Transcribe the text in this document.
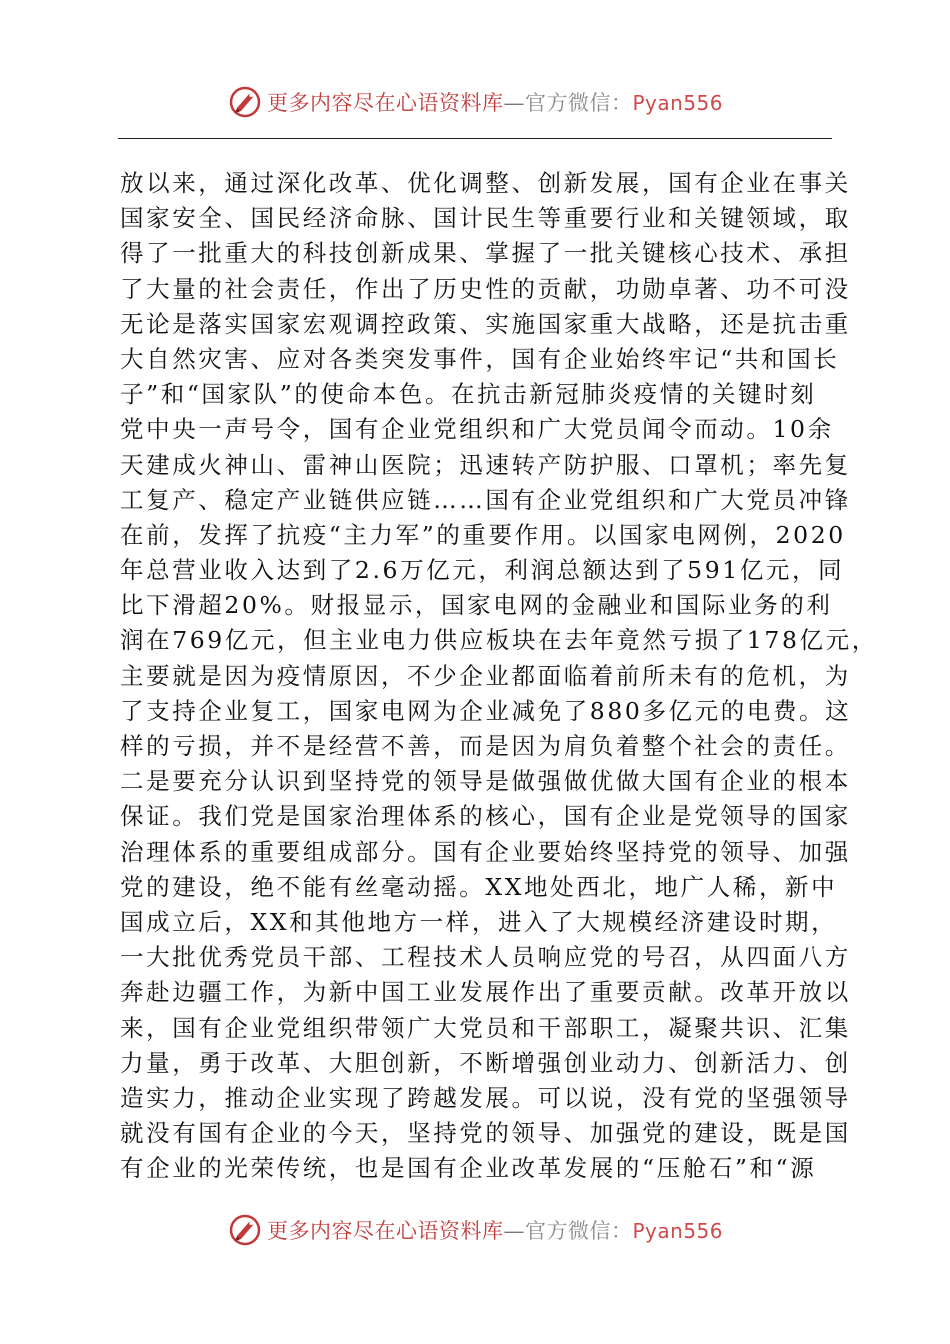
更多内容尽在心语资料库—官方微信：Pyan556
放以来，通过深化改革、优化调整、创新发展，国有企业在事关
国家安全、国民经济命脉、国计民生等重要行业和关键领域，取
得了一批重大的科技创新成果、掌握了一批关键核心技术、承担
了大量的社会责任，作出了历史性的贡献，功勋卓著、功不可没
无论是落实国家宏观调控政策、实施国家重大战略，还是抗击重
大自然灾害、应对各类突发事件，国有企业始终牢记“共和国长
子”和“国家队”的使命本色。在抗击新冠肺炎疫情的关键时刻
党中央一声号令，国有企业党组织和广大党员闻令而动。10余
天建成火神山、雷神山医院；迅速转产防护服、口罩机；率先复
工复产、稳定产业链供应链……国有企业党组织和广大党员冲锋
在前，发挥了抗疫“主力军”的重要作用。以国家电网例，2020
年总营业收入达到了2.6万亿元，利润总额达到了591亿元，同
比下滑超20%。财报显示，国家电网的金融业和国际业务的利
润在769亿元，但主业电力供应板块在去年竟然亏损了178亿元，
主要就是因为疫情原因，不少企业都面临着前所未有的危机，为
了支持企业复工，国家电网为企业减免了880多亿元的电费。这
样的亏损，并不是经营不善，而是因为肩负着整个社会的责任。
二是要充分认识到坚持党的领导是做强做优做大国有企业的根本
保证。我们党是国家治理体系的核心，国有企业是党领导的国家
治理体系的重要组成部分。国有企业要始终坚持党的领导、加强
党的建设，绝不能有丝毫动摇。XX地处西北，地广人稀，新中
国成立后，XX和其他地方一样，进入了大规模经济建设时期，
一大批优秀党员干部、工程技术人员响应党的号召，从四面八方
奔赴边疆工作，为新中国工业发展作出了重要贡献。改革开放以
来，国有企业党组织带领广大党员和干部职工，凝聚共识、汇集
力量，勇于改革、大胆创新，不断增强创业动力、创新活力、创
造实力，推动企业实现了跨越发展。可以说，没有党的坚强领导
就没有国有企业的今天，坚持党的领导、加强党的建设，既是国
有企业的光荣传统，也是国有企业改革发展的“压舱石”和“源
更多内容尽在心语资料库—官方微信：Pyan556
